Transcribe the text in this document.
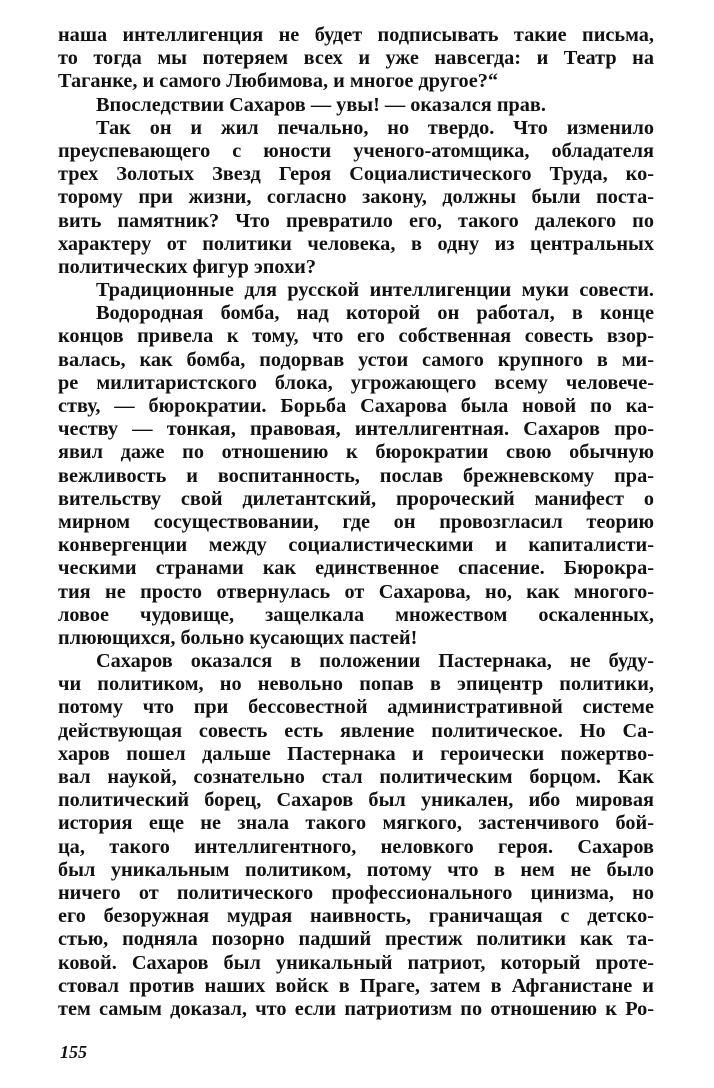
наша интеллигенция не будет подписывать такие письма,
то тогда мы потеряем всех и уже навсегда: и Театр на
Таганке, и самого Любимова, и многое другое?“
Впоследствии Сахаров — увы! — оказался прав.
Так он и жил печально, но твердо. Что изменило
преуспевающего с юности ученого-атомщика, обладателя
трех Золотых Звезд Героя Социалистического Труда, ко-
торому при жизни, согласно закону, должны были поста-
вить памятник? Что превратило его, такого далекого по
характеру от политики человека, в одну из центральных
политических фигур эпохи?
Традиционные для русской интеллигенции муки совести.
Водородная бомба, над которой он работал, в конце
концов привела к тому, что его собственная совесть взор-
валась, как бомба, подорвав устои самого крупного в ми-
ре милитаристского блока, угрожающего всему человече-
ству, — бюрократии. Борьба Сахарова была новой по ка-
честву — тонкая, правовая, интеллигентная. Сахаров про-
явил даже по отношению к бюрократии свою обычную
вежливость и воспитанность, послав брежневскому пра-
вительству свой дилетантский, пророческий манифест о
мирном сосуществовании, где он провозгласил теорию
конвергенции между социалистическими и капиталисти-
ческими странами как единственное спасение. Бюрокра-
тия не просто отвернулась от Сахарова, но, как многого-
ловое чудовище, защелкала множеством оскаленных,
плюющихся, больно кусающих пастей!
Сахаров оказался в положении Пастернака, не буду-
чи политиком, но невольно попав в эпицентр политики,
потому что при бессовестной административной системе
действующая совесть есть явление политическое. Но Са-
харов пошел дальше Пастернака и героически пожертво-
вал наукой, сознательно стал политическим борцом. Как
политический борец, Сахаров был уникален, ибо мировая
история еще не знала такого мягкого, застенчивого бой-
ца, такого интеллигентного, неловкого героя. Сахаров
был уникальным политиком, потому что в нем не было
ничего от политического профессионального цинизма, но
его безоружная мудрая наивность, граничащая с детско-
стью, подняла позорно падший престиж политики как та-
ковой. Сахаров был уникальный патриот, который проте-
стовал против наших войск в Праге, затем в Афганистане и
тем самым доказал, что если патриотизм по отношению к Ро-
155
